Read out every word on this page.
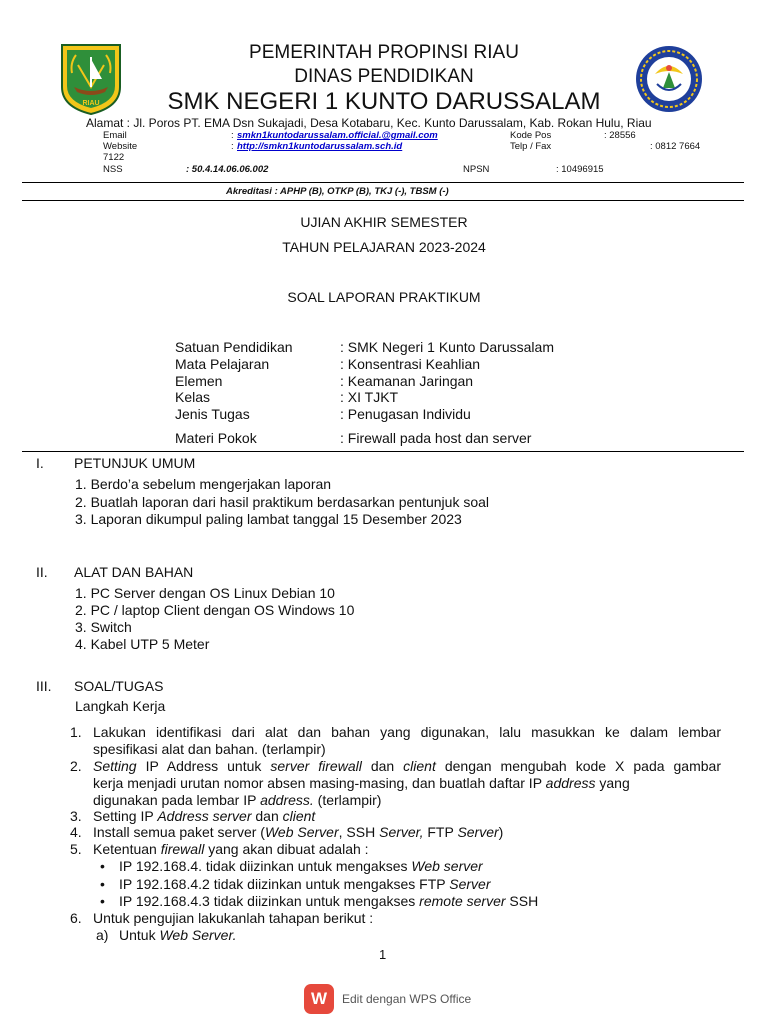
RIAU
PEMERINTAH PROPINSI RIAU
DINAS PENDIDIKAN
SMK NEGERI 1 KUNTO DARUSSALAM
Alamat : Jl. Poros PT. EMA Dsn Sukajadi, Desa Kotabaru, Kec. Kunto Darussalam, Kab. Rokan Hulu, Riau
Email	: smkn1kuntodarussalam.official.@gmail.com	Kode Pos	: 28556
Website	: http://smkn1kuntodarussalam.sch.id	Telp / Fax	: 0812 7664
7122
NSS	: 50.4.14.06.06.002	NPSN	: 10496915
Akreditasi : APHP (B), OTKP (B), TKJ (-), TBSM (-)
UJIAN AKHIR SEMESTER
TAHUN PELAJARAN 2023-2024
SOAL LAPORAN PRAKTIKUM
Satuan Pendidikan	: SMK Negeri 1 Kunto Darussalam
Mata Pelajaran	: Konsentrasi Keahlian
Elemen	: Keamanan Jaringan
Kelas	: XI TJKT
Jenis Tugas	: Penugasan Individu
Materi Pokok	: Firewall pada host dan server
I. PETUNJUK UMUM
1. Berdo’a sebelum mengerjakan laporan
2. Buatlah laporan dari hasil praktikum berdasarkan pentunjuk soal
3. Laporan dikumpul paling lambat tanggal 15 Desember 2023
II. ALAT DAN BAHAN
1. PC Server dengan OS Linux Debian 10
2. PC / laptop Client dengan OS Windows 10
3. Switch
4. Kabel UTP 5 Meter
III. SOAL/TUGAS
Langkah Kerja
1. Lakukan identifikasi dari alat dan bahan yang digunakan, lalu masukkan ke dalam lembar
spesifikasi alat dan bahan. (terlampir)
2. Setting IP Address untuk server firewall dan client dengan mengubah kode X pada gambar
kerja menjadi urutan nomor absen masing-masing, dan buatlah daftar IP address yang
digunakan pada lembar IP address. (terlampir)
3. Setting IP Address server dan client
4. Install semua paket server (Web Server, SSH Server, FTP Server)
5. Ketentuan firewall yang akan dibuat adalah :
• IP 192.168.4. tidak diizinkan untuk mengakses Web server
• IP 192.168.4.2 tidak diizinkan untuk mengakses FTP Server
• IP 192.168.4.3 tidak diizinkan untuk mengakses remote server SSH
6. Untuk pengujian lakukanlah tahapan berikut :
a) Untuk Web Server.
1
W Edit dengan WPS Office
